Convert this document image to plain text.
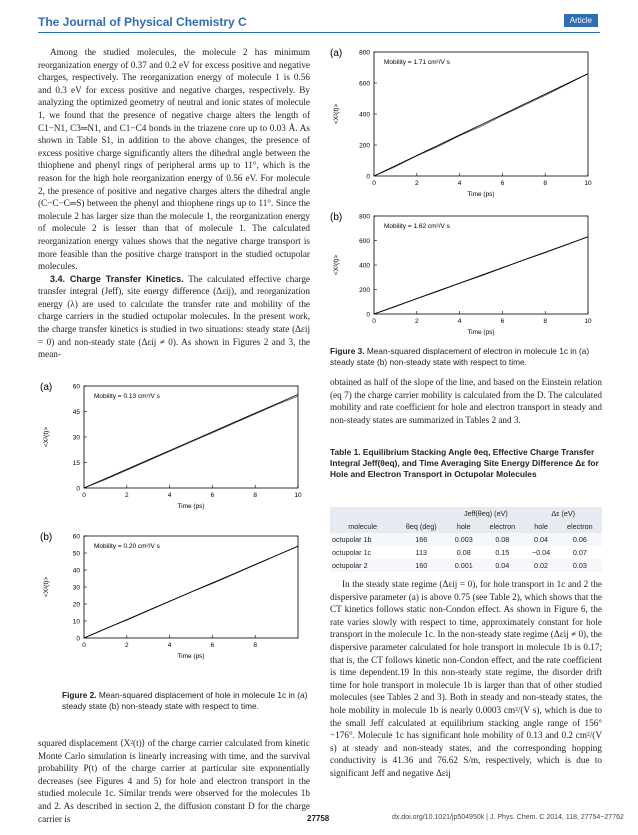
The Journal of Physical Chemistry C	Article

Among the studied molecules, the molecule 2 has minimum reorganization energy of 0.37 and 0.2 eV for excess positive and negative charges, respectively. The reorganization energy of molecule 1 is 0.56 and 0.3 eV for excess positive and negative charges, respectively. By analyzing the optimized geometry of neutral and ionic states of molecule 1, we found that the presence of negative charge alters the length of C1−N1, C3═N1, and C1−C4 bonds in the triazene core up to 0.03 Å. As shown in Table S1, in addition to the above changes, the presence of excess positive charge significantly alters the dihedral angle between the thiophene and phenyl rings of peripheral arms up to 11°, which is the reason for the high hole reorganization energy of 0.56 eV. For molecule 2, the presence of positive and negative charges alters the dihedral angle (C−C−C═S) between the phenyl and thiophene rings up to 11°. Since the molecule 2 has larger size than the molecule 1, the reorganization energy of molecule 2 is lesser than that of molecule 1. The calculated reorganization energy values shows that the negative charge transport is more feasible than the positive charge transport in the studied octupolar molecules.

3.4. Charge Transfer Kinetics. The calculated effective charge transfer integral (Jeff), site energy difference (Δεij), and reorganization energy (λ) are used to calculate the transfer rate and mobility of the charge carriers in the studied octupolar molecules. In the present work, the charge transfer kinetics is studied in two situations: steady state (Δεij = 0) and non-steady state (Δεij ≠ 0). As shown in Figures 2 and 3, the mean-

(a)
0	2	4	6	8	10
0
15
30
45
60
Time (ps)
<X²(t)>
Mobility = 0.13 cm²/V s
(b)
0	2	4	6	8
0
10
20
30
40
50
60
Time (ps)
<X²(t)>
Mobility = 0.20 cm²/V s
Figure 2. Mean-squared displacement of hole in molecule 1c in (a) steady state (b) non-steady state with respect to time.

squared displacement ⟨X²(t)⟩ of the charge carrier calculated from kinetic Monte Carlo simulation is linearly increasing with time, and the survival probability P(t) of the charge carrier at particular site exponentially decreases (see Figures 4 and 5) for hole and electron transport in the studied molecule 1c. Similar trends were observed for the molecules 1b and 2. As described in section 2, the diffusion constant D for the charge carrier is

(a)
0	2	4	6	8	10
0
200
400
600
800
Time (ps)
<X²(t)>
Mobility = 1.71 cm²/V s
(b)
0	2	4	6	8	10
0
200
400
600
800
Time (ps)
<X²(t)>
Mobility = 1.62 cm²/V s
Figure 3. Mean-squared displacement of electron in molecule 1c in (a) steady state (b) non-steady state with respect to time.

obtained as half of the slope of the line, and based on the Einstein relation (eq 7) the charge carrier mobility is calculated from the D. The calculated mobility and rate coefficient for hole and electron transport in steady and non-steady states are summarized in Tables 2 and 3.

Table 1. Equilibrium Stacking Angle θeq, Effective Charge Transfer Integral Jeff(θeq), and Time Averaging Site Energy Difference Δε for Hole and Electron Transport in Octupolar Molecules
		Jeff(θeq) (eV)		Δε (eV)	
molecule	θeq (deg)	hole	electron	hole	electron
octupolar 1b	166	0.003	0.08	0.04	0.06
octupolar 1c	113	0.08	0.15	−0.04	0.07
octupolar 2	160	0.001	0.04	0.02	0.03

In the steady state regime (Δεij = 0), for hole transport in 1c and 2 the dispersive parameter (a) is above 0.75 (see Table 2), which shows that the CT kinetics follows static non-Condon effect. As shown in Figure 6, the rate varies slowly with respect to time, approximately constant for hole transport in the molecule 1c. In the non-steady state regime (Δεij ≠ 0), the dispersive parameter calculated for hole transport in molecule 1b is 0.17; that is, the CT follows kinetic non-Condon effect, and the rate coefficient is time dependent.19 In this non-steady state regime, the disorder drift time for hole transport in molecule 1b is larger than that of other studied molecules (see Tables 2 and 3). Both in steady and non-steady states, the hole mobility in molecule 1b is nearly 0.0003 cm²/(V s), which is due to the small Jeff calculated at equilibrium stacking angle range of 156°−176°. Molecule 1c has significant hole mobility of 0.13 and 0.2 cm²/(V s) at steady and non-steady states, and the corresponding hopping conductivity is 41.36 and 76.62 S/m, respectively, which is due to significant Jeff and negative Δεij

27758	dx.doi.org/10.1021/jp504950k | J. Phys. Chem. C 2014, 118, 27754−27762
